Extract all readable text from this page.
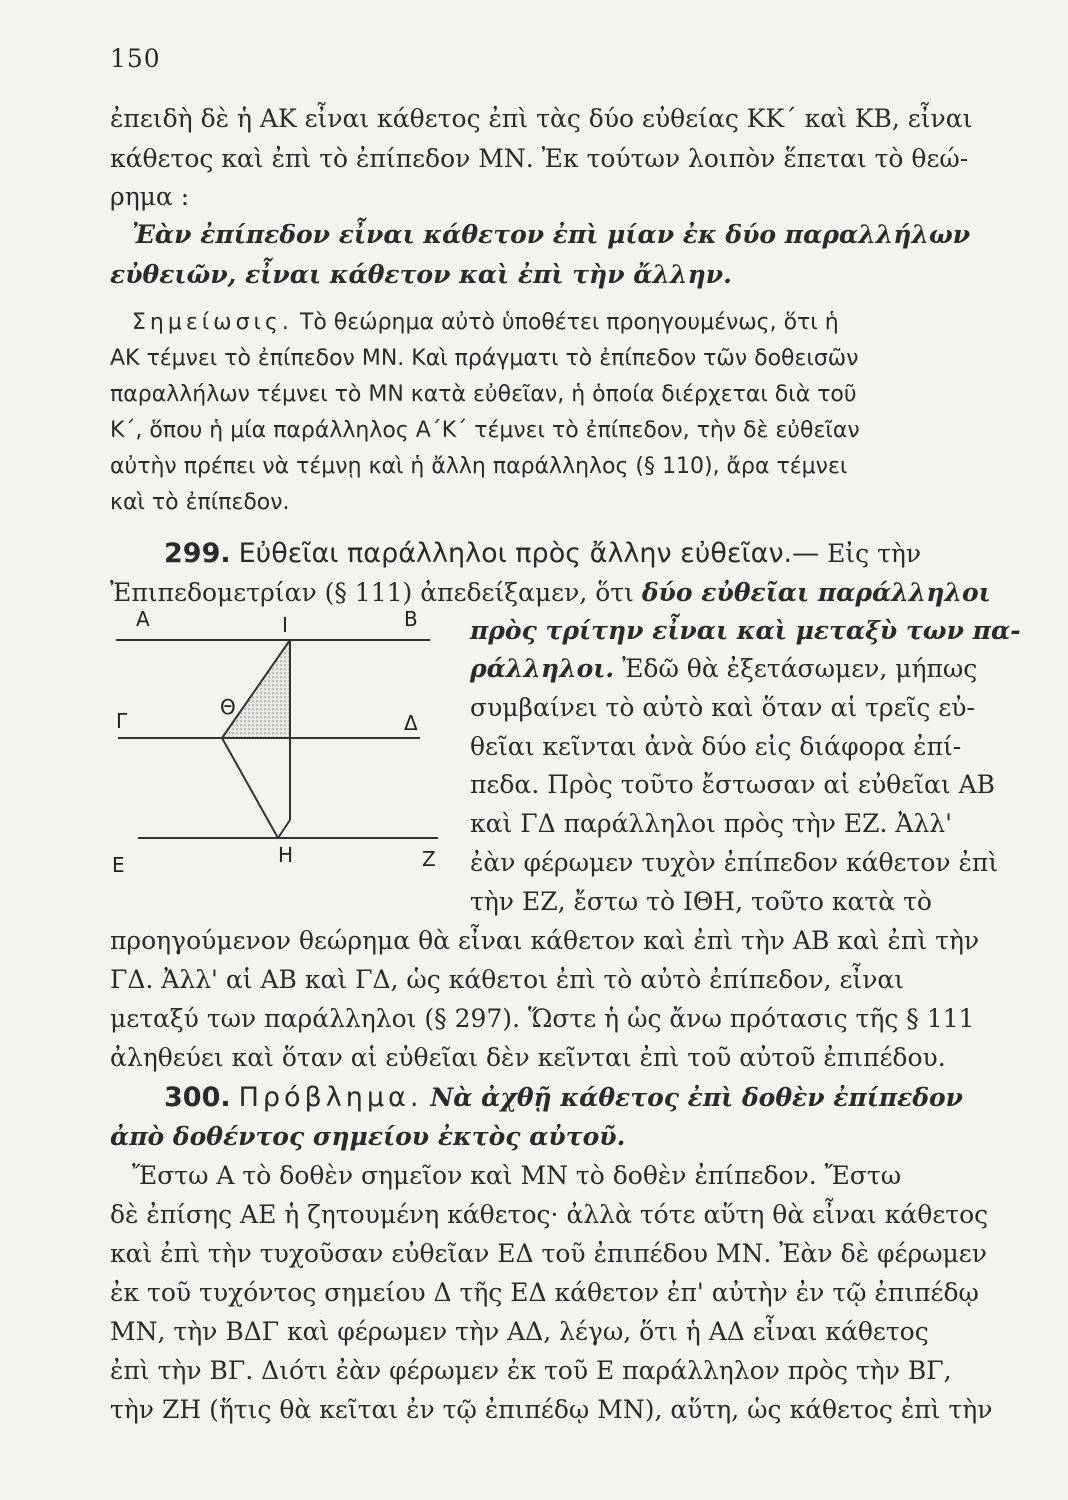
150
ἐπειδὴ δὲ ἡ ΑΚ εἶναι κάθετος ἐπὶ τὰς δύο εὐθείας ΚΚ΄ καὶ ΚΒ, εἶναι
κάθετος καὶ ἐπὶ τὸ ἐπίπεδον ΜΝ. Ἐκ τούτων λοιπὸν ἕπεται τὸ θεώ-
ρημα :
Ἐὰν ἐπίπεδον εἶναι κάθετον ἐπὶ μίαν ἐκ δύο παραλλήλων
εὐθειῶν, εἶναι κάθετον καὶ ἐπὶ τὴν ἄλλην.
Σημείωσις. Τὸ θεώρημα αὐτὸ ὑποθέτει προηγουμένως, ὅτι ἡ
ΑΚ τέμνει τὸ ἐπίπεδον ΜΝ. Καὶ πράγματι τὸ ἐπίπεδον τῶν δοθεισῶν
παραλλήλων τέμνει τὸ ΜΝ κατὰ εὐθεῖαν, ἡ ὁποία διέρχεται διὰ τοῦ
Κ΄, ὅπου ἡ μία παράλληλος Α΄Κ΄ τέμνει τὸ ἐπίπεδον, τὴν δὲ εὐθεῖαν
αὐτὴν πρέπει νὰ τέμνῃ καὶ ἡ ἄλλη παράλληλος (§ 110), ἄρα τέμνει
καὶ τὸ ἐπίπεδον.
299. Εὐθεῖαι παράλληλοι πρὸς ἄλλην εὐθεῖαν.— Εἰς τὴν
Ἐπιπεδομετρίαν (§ 111) ἀπεδείξαμεν, ὅτι δύο εὐθεῖαι παράλληλοι
πρὸς τρίτην εἶναι καὶ μεταξὺ των πα-
ράλληλοι. Ἐδῶ θὰ ἐξετάσωμεν, μήπως
συμβαίνει τὸ αὐτὸ καὶ ὅταν αἱ τρεῖς εὐ-
θεῖαι κεῖνται ἀνὰ δύο εἰς διάφορα ἐπί-
πεδα. Πρὸς τοῦτο ἔστωσαν αἱ εὐθεῖαι ΑΒ
καὶ ΓΔ παράλληλοι πρὸς τὴν ΕΖ. Ἀλλ'
ἐὰν φέρωμεν τυχὸν ἐπίπεδον κάθετον ἐπὶ
τὴν ΕΖ, ἔστω τὸ ΙΘΗ, τοῦτο κατὰ τὸ
προηγούμενον θεώρημα θὰ εἶναι κάθετον καὶ ἐπὶ τὴν ΑΒ καὶ ἐπὶ τὴν
ΓΔ. Ἀλλ' αἱ ΑΒ καὶ ΓΔ, ὡς κάθετοι ἐπὶ τὸ αὐτὸ ἐπίπεδον, εἶναι
μεταξύ των παράλληλοι (§ 297). Ὥστε ἡ ὡς ἄνω πρότασις τῆς § 111
ἀληθεύει καὶ ὅταν αἱ εὐθεῖαι δὲν κεῖνται ἐπὶ τοῦ αὐτοῦ ἐπιπέδου.
Α	Ι	Β
Γ
Θ
Δ
Ε	Η	Ζ
300. Πρόβλημα. Νὰ ἀχθῇ κάθετος ἐπὶ δοθὲν ἐπίπεδον
ἀπὸ δοθέντος σημείου ἐκτὸς αὐτοῦ.
Ἔστω Α τὸ δοθὲν σημεῖον καὶ ΜΝ τὸ δοθὲν ἐπίπεδον. Ἔστω
δὲ ἐπίσης ΑΕ ἡ ζητουμένη κάθετος· ἀλλὰ τότε αὕτη θὰ εἶναι κάθετος
καὶ ἐπὶ τὴν τυχοῦσαν εὐθεῖαν ΕΔ τοῦ ἐπιπέδου ΜΝ. Ἐὰν δὲ φέρωμεν
ἐκ τοῦ τυχόντος σημείου Δ τῆς ΕΔ κάθετον ἐπ' αὐτὴν ἐν τῷ ἐπιπέδῳ
ΜΝ, τὴν ΒΔΓ καὶ φέρωμεν τὴν ΑΔ, λέγω, ὅτι ἡ ΑΔ εἶναι κάθετος
ἐπὶ τὴν ΒΓ. Διότι ἐὰν φέρωμεν ἐκ τοῦ Ε παράλληλον πρὸς τὴν ΒΓ,
τὴν ΖΗ (ἥτις θὰ κεῖται ἐν τῷ ἐπιπέδῳ ΜΝ), αὕτη, ὡς κάθετος ἐπὶ τὴν
